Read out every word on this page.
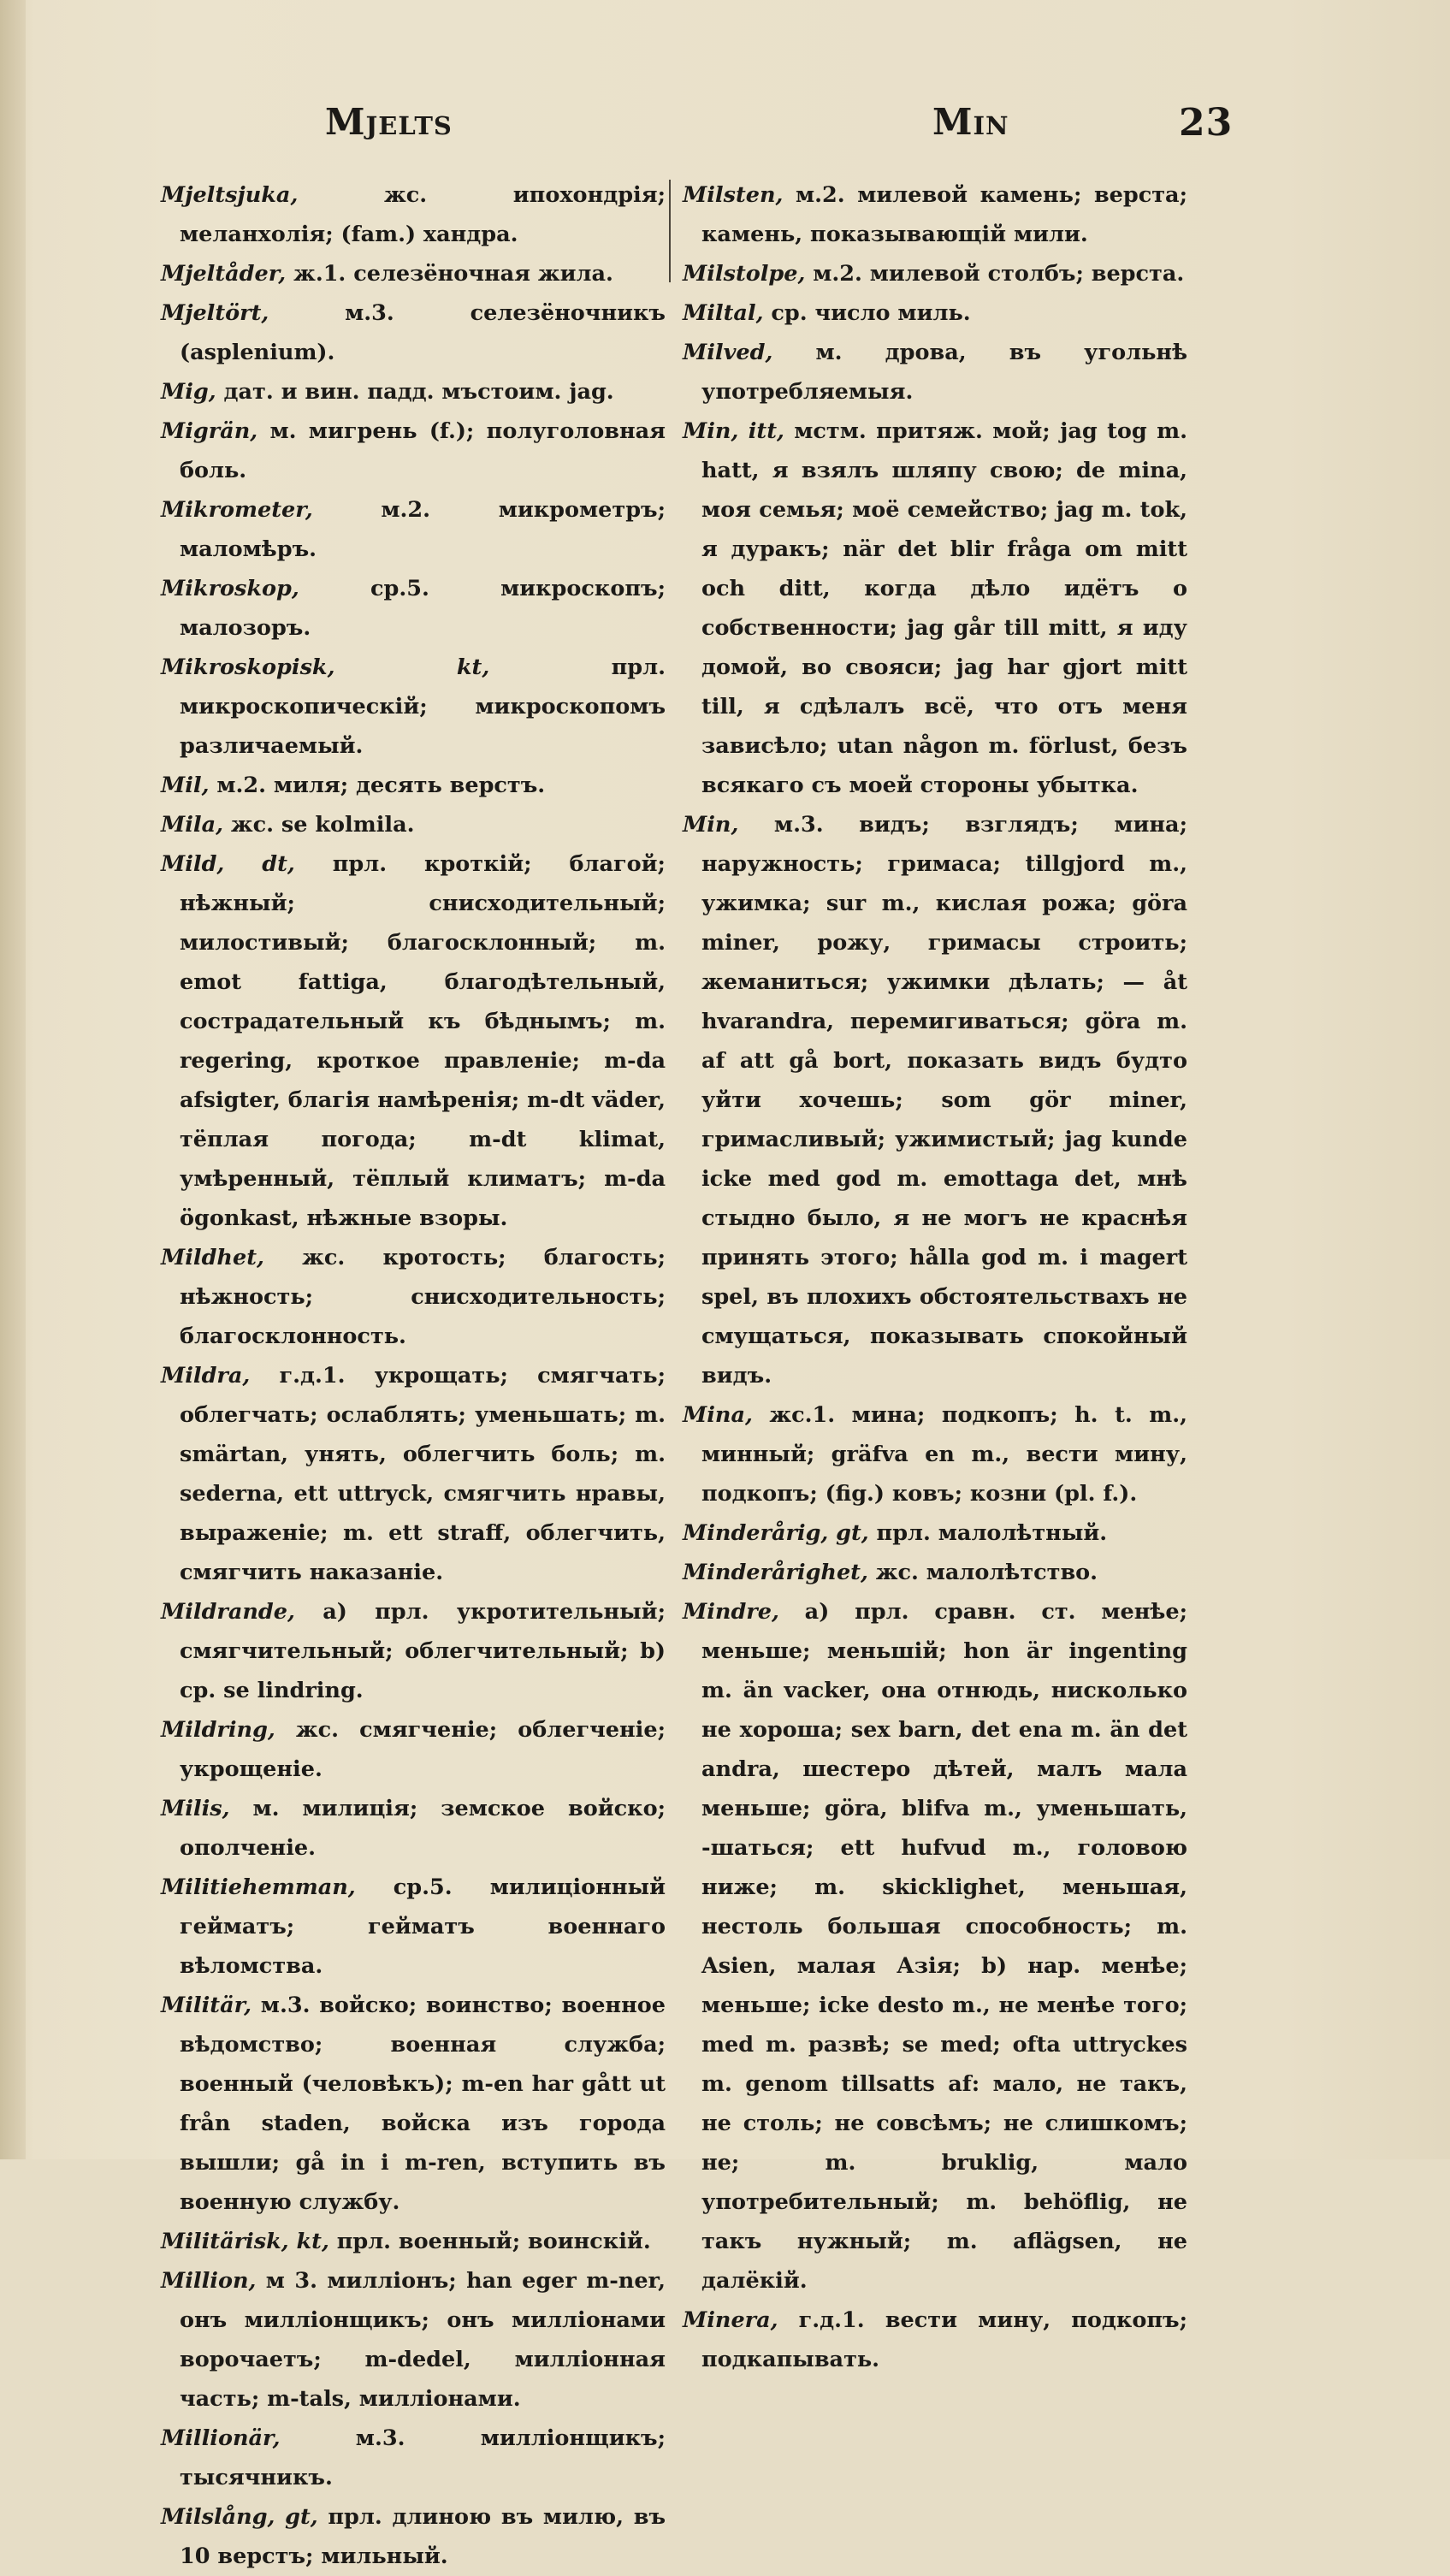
Mjelts	Min	23

Mjeltsjuka, жс. ипохондрія; меланхолія; (fam.) хандра.

Mjeltåder, ж.1. селезёночная жила.

Mjeltört, м.3. селезёночникъ (asplenium).

Mig, дат. и вин. падд. мъстоим. jag.

Migrän, м. мигрень (f.); полуголовная боль.

Mikrometer, м.2. микрометръ; маломѣръ.

Mikroskop, ср.5. микроскопъ; малозоръ.

Mikroskopisk, kt, прл. микроскопическій; микроскопомъ различаемый.

Mil, м.2. миля; десять верстъ.

Mila, жс. se kolmila.

Mild, dt, прл. кроткій; благой; нѣжный; снисходительный; милостивый; благосклонный; m. emot fattiga, благодѣтельный, сострадательный къ бѣднымъ; m. regering, кроткое правленіе; m-da afsigter, благія намѣренія; m-dt väder, тёплая погода; m-dt klimat, умѣренный, тёплый климатъ; m-da ögonkast, нѣжные взоры.

Mildhet, жс. кротость; благость; нѣжность; снисходительность; благосклонность.

Mildra, г.д.1. укрощать; смягчать; облегчать; ослаблять; уменьшать; m. smärtan, унять, облегчить боль; m. sederna, ett uttryck, смягчить нравы, выраженіе; m. ett straff, облегчить, смягчить наказаніе.

Mildrande, a) прл. укротительный; смягчительный; облегчительный; b) ср. se lindring.

Mildring, жс. смягченіе; облегченіе; укрощеніе.

Milis, м. милиція; земское войско; ополченіе.

Militiehemman, ср.5. милиціонный гейматъ; гейматъ военнаго вѣломства.

Militär, м.3. войско; воинство; военное вѣдомство; военная служба; военный (человѣкъ); m-en har gått ut från staden, войска изъ города вышли; gå in i m-ren, вступить въ военную службу.

Militärisk, kt, прл. военный; воинскій.

Million, м 3. милліонъ; han eger m-ner, онъ милліонщикъ; онъ милліонами ворочаетъ; m-dedel, милліонная часть; m-tals, милліонами.

Millionär, м.3. милліонщикъ; тысячникъ.

Milslång, gt, прл. длиною въ милю, въ 10 верстъ; мильный.

Milsten, м.2. милевой камень; верста; камень, показывающій мили.

Milstolpe, м.2. милевой столбъ; верста.

Miltal, ср. число миль.

Milved, м. дрова, въ угольнѣ употребляемыя.

Min, itt, мстм. притяж. мой; jag tog m. hatt, я взялъ шляпу свою; de mina, моя семья; моё семейство; jag m. tok, я дуракъ; när det blir fråga om mitt och ditt, когда дѣло идётъ о собственности; jag går till mitt, я иду домой, во свояси; jag har gjort mitt till, я сдѣлалъ всё, что отъ меня зависѣло; utan någon m. förlust, безъ всякаго съ моей стороны убытка.

Min, м.3. видъ; взглядъ; мина; наружность; гримаса; tillgjord m., ужимка; sur m., кислая рожа; göra miner, рожу, гримасы строить; жеманиться; ужимки дѣлать; — åt hvarandra, перемигиваться; göra m. af att gå bort, показать видъ будто уйти хочешь; som gör miner, гримасливый; ужимистый; jag kunde icke med god m. emottaga det, мнѣ стыдно было, я не могъ не краснѣя принять этого; hålla god m. i magert spel, въ плохихъ обстоятельствахъ не смущаться, показывать спокойный видъ.

Mina, жс.1. мина; подкопъ; h. t. m., минный; gräfva en m., вести мину, подкопъ; (fig.) ковъ; козни (pl. f.).

Minderårig, gt, прл. малолѣтный.

Minderårighet, жс. малолѣтство.

Mindre, a) прл. сравн. ст. менѣе; меньше; меньшій; hon är ingenting m. än vacker, она отнюдь, нисколько не хороша; sex barn, det ena m. än det andra, шестеро дѣтей, малъ мала меньше; göra, blifva m., уменьшать, -шаться; ett hufvud m., головою ниже; m. skicklighet, меньшая, нестоль большая способность; m. Asien, малая Азія; b) нар. менѣе; меньше; icke desto m., не менѣе того; med m. развѣ; se med; ofta uttryckes m. genom tillsatts af: мало, не такъ, не столь; не совсѣмъ; не слишкомъ; не; m. bruklig, мало употребительный; m. behöflig, не такъ нужный; m. aflägsen, не далёкій.

Minera, г.д.1. вести мину, подкопъ; подкапывать.
